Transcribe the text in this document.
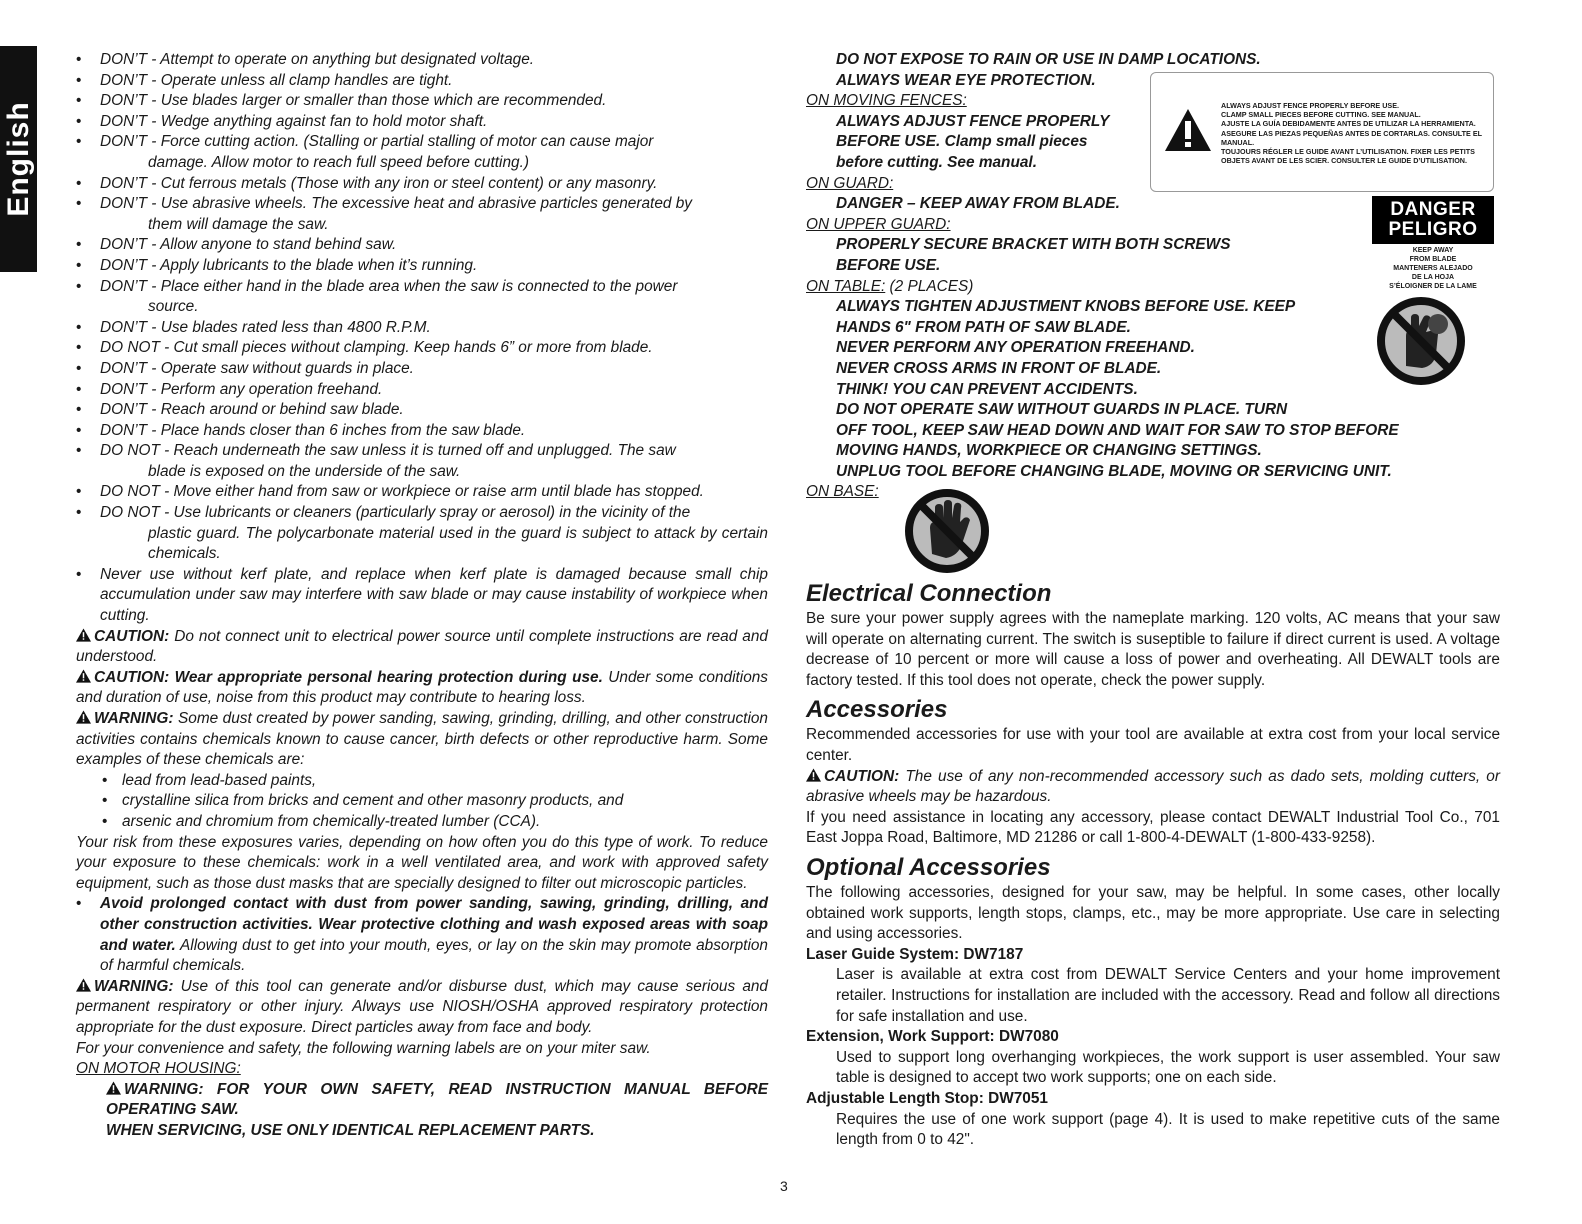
English
• DON’T - Attempt to operate on anything but designated voltage.
• DON’T - Operate unless all clamp handles are tight.
• DON’T - Use blades larger or smaller than those which are recommended.
• DON’T - Wedge anything against fan to hold motor shaft.
• DON’T - Force cutting action. (Stalling or partial stalling of motor can cause major
damage. Allow motor to reach full speed before cutting.)
• DON’T - Cut ferrous metals (Those with any iron or steel content) or any masonry.
• DON’T - Use abrasive wheels. The excessive heat and abrasive particles generated by
them will damage the saw.
• DON’T - Allow anyone to stand behind saw.
• DON’T - Apply lubricants to the blade when it’s running.
• DON’T - Place either hand in the blade area when the saw is connected to the power
source.
• DON’T - Use blades rated less than 4800 R.P.M.
• DO NOT - Cut small pieces without clamping. Keep hands 6” or more from blade.
• DON’T - Operate saw without guards in place.
• DON’T - Perform any operation freehand.
• DON’T - Reach around or behind saw blade.
• DON’T - Place hands closer than 6 inches from the saw blade.
• DO NOT - Reach underneath the saw unless it is turned off and unplugged. The saw
blade is exposed on the underside of the saw.
• DO NOT - Move either hand from saw or workpiece or raise arm until blade has stopped.
• DO NOT - Use lubricants or cleaners (particularly spray or aerosol) in the vicinity of the
plastic guard. The polycarbonate material used in the guard is subject to attack by certain chemicals.
• Never use without kerf plate, and replace when kerf plate is damaged because small chip accumulation under saw may interfere with saw blade or may cause instability of workpiece when cutting.

CAUTION: Do not connect unit to electrical power source until complete instructions are read and understood.

CAUTION: Wear appropriate personal hearing protection during use. Under some conditions and duration of use, noise from this product may contribute to hearing loss.

WARNING: Some dust created by power sanding, sawing, grinding, drilling, and other construction activities contains chemicals known to cause cancer, birth defects or other reproductive harm. Some examples of these chemicals are:

• lead from lead-based paints,
• crystalline silica from bricks and cement and other masonry products, and
• arsenic and chromium from chemically-treated lumber (CCA).

Your risk from these exposures varies, depending on how often you do this type of work. To reduce your exposure to these chemicals: work in a well ventilated area, and work with approved safety equipment, such as those dust masks that are specially designed to filter out microscopic particles.

• Avoid prolonged contact with dust from power sanding, sawing, grinding, drilling, and other construction activities. Wear protective clothing and wash exposed areas with soap and water. Allowing dust to get into your mouth, eyes, or lay on the skin may promote absorption of harmful chemicals.

WARNING: Use of this tool can generate and/or disburse dust, which may cause serious and permanent respiratory or other injury. Always use NIOSH/OSHA approved respiratory protection appropriate for the dust exposure. Direct particles away from face and body.

For your convenience and safety, the following warning labels are on your miter saw.

ON MOTOR HOUSING:

WARNING: FOR YOUR OWN SAFETY, READ INSTRUCTION MANUAL BEFORE OPERATING SAW.

WHEN SERVICING, USE ONLY IDENTICAL REPLACEMENT PARTS.

DO NOT EXPOSE TO RAIN OR USE IN DAMP LOCATIONS.

ALWAYS WEAR EYE PROTECTION.

ON MOVING FENCES:

ALWAYS ADJUST FENCE PROPERLY

BEFORE USE. Clamp small pieces

before cutting. See manual.

ON GUARD:

DANGER – KEEP AWAY FROM BLADE.

ON UPPER GUARD:

PROPERLY SECURE BRACKET WITH BOTH SCREWS

BEFORE USE.

ON TABLE: (2 PLACES)

ALWAYS TIGHTEN ADJUSTMENT KNOBS BEFORE USE. KEEP

HANDS 6" FROM PATH OF SAW BLADE.

NEVER PERFORM ANY OPERATION FREEHAND.

NEVER CROSS ARMS IN FRONT OF BLADE.

THINK! YOU CAN PREVENT ACCIDENTS.

DO NOT OPERATE SAW WITHOUT GUARDS IN PLACE. TURN

OFF TOOL, KEEP SAW HEAD DOWN AND WAIT FOR SAW TO STOP BEFORE

MOVING HANDS, WORKPIECE OR CHANGING SETTINGS.

UNPLUG TOOL BEFORE CHANGING BLADE, MOVING OR SERVICING UNIT.

ON BASE:

Electrical Connection

Be sure your power supply agrees with the nameplate marking. 120 volts, AC means that your saw will operate on alternating current. The switch is suseptible to failure if direct current is used. A voltage decrease of 10 percent or more will cause a loss of power and overheating. All DEWALT tools are factory tested. If this tool does not operate, check the power supply.

Accessories

Recommended accessories for use with your tool are available at extra cost from your local service center.

CAUTION: The use of any non-recommended accessory such as dado sets, molding cutters, or abrasive wheels may be hazardous.

If you need assistance in locating any accessory, please contact DEWALT Industrial Tool Co., 701 East Joppa Road, Baltimore, MD 21286 or call 1-800-4-DEWALT (1-800-433-9258).

Optional Accessories

The following accessories, designed for your saw, may be helpful. In some cases, other locally obtained work supports, length stops, clamps, etc., may be more appropriate. Use care in selecting and using accessories.

Laser Guide System: DW7187

Laser is available at extra cost from DEWALT Service Centers and your home improvement retailer. Instructions for installation are included with the accessory. Read and follow all directions for safe installation and use.

Extension, Work Support: DW7080

Used to support long overhanging workpieces, the work support is user assembled. Your saw table is designed to accept two work supports; one on each side.

Adjustable Length Stop: DW7051

Requires the use of one work support (page 4). It is used to make repetitive cuts of the same length from 0 to 42".

ALWAYS ADJUST FENCE PROPERLY BEFORE USE.
CLAMP SMALL PIECES BEFORE CUTTING. SEE MANUAL.
AJUSTE LA GUÍA DEBIDAMENTE ANTES DE UTILIZAR LA HERRAMIENTA. ASEGURE LAS PIEZAS PEQUEÑAS ANTES DE CORTARLAS. CONSULTE EL MANUAL.
TOUJOURS RÉGLER LE GUIDE AVANT L’UTILISATION. FIXER LES PETITS OBJETS AVANT DE LES SCIER. CONSULTER LE GUIDE D’UTILISATION.
DANGER
PELIGRO
KEEP AWAY
FROM BLADE
MANTENERS ALEJADO
DE LA HOJA
S’ÉLOIGNER DE LA LAME
3
